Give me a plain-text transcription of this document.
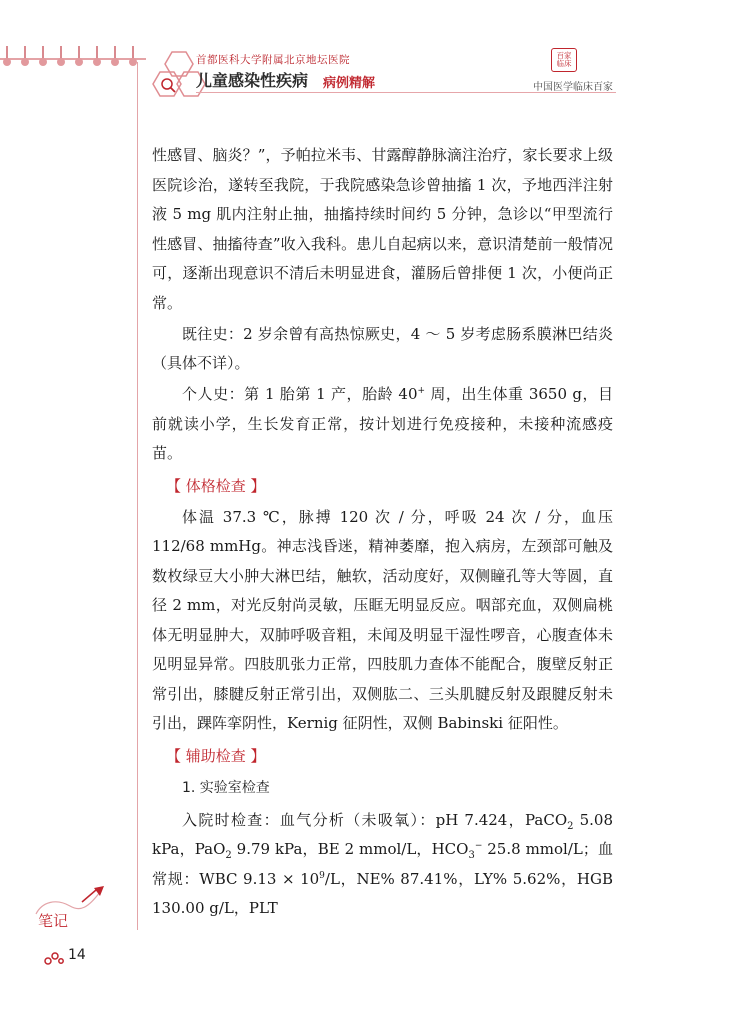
首都医科大学附属北京地坛医院
儿童感染性疾病 病例精解
百家 临床
中国医学临床百家

性感冒、脑炎？”，予帕拉米韦、甘露醇静脉滴注治疗，家长要求上级医院诊治，遂转至我院，于我院感染急诊曾抽搐 1 次，予地西泮注射液 5 mg 肌内注射止抽，抽搐持续时间约 5 分钟，急诊以“甲型流行性感冒、抽搐待查”收入我科。患儿自起病以来，意识清楚前一般情况可，逐渐出现意识不清后未明显进食，灌肠后曾排便 1 次，小便尚正常。

既往史：2 岁余曾有高热惊厥史，4 ～ 5 岁考虑肠系膜淋巴结炎（具体不详）。

个人史：第 1 胎第 1 产，胎龄 40+ 周，出生体重 3650 g，目前就读小学，生长发育正常，按计划进行免疫接种，未接种流感疫苗。

【 体格检查 】

体温 37.3 ℃，脉搏 120 次 / 分，呼吸 24 次 / 分，血压 112/68 mmHg。神志浅昏迷，精神萎靡，抱入病房，左颈部可触及数枚绿豆大小肿大淋巴结，触软，活动度好，双侧瞳孔等大等圆，直径 2 mm，对光反射尚灵敏，压眶无明显反应。咽部充血，双侧扁桃体无明显肿大，双肺呼吸音粗，未闻及明显干湿性啰音，心腹查体未见明显异常。四肢肌张力正常，四肢肌力查体不能配合，腹壁反射正常引出，膝腱反射正常引出，双侧肱二、三头肌腱反射及跟腱反射未引出，踝阵挛阴性，Kernig 征阴性，双侧 Babinski 征阳性。

【 辅助检查 】
1. 实验室检查

入院时检查：血气分析（未吸氧）：pH 7.424，PaCO$_2$ 5.08 kPa，PaO$_2$ 9.79 kPa，BE 2 mmol/L，$HCO_3^-$ 25.8 mmol/L；血常规：WBC $9.13 \times 10^9/L$，NE% 87.41%，LY% 5.62%，HGB 130.00 g/L，PLT

笔记
14
